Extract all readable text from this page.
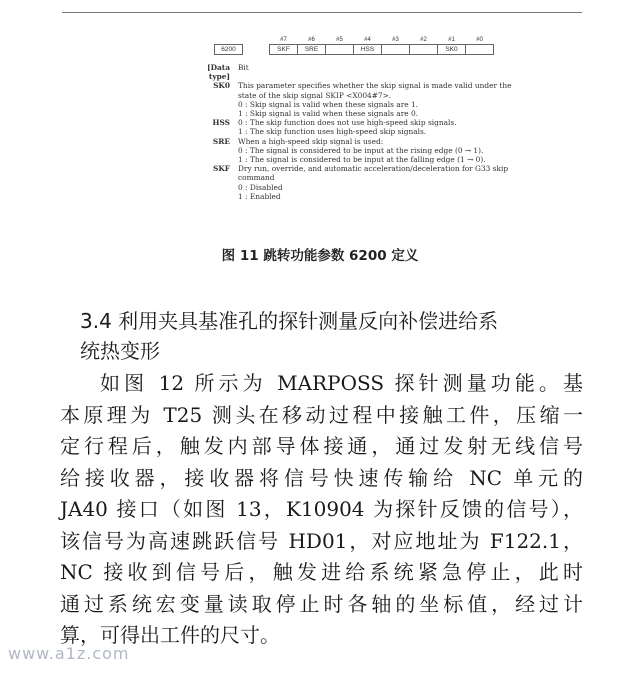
		#7	#6	#5	#4	#3	#2	#1	#0
6200		SKF	SRE		HSS			SK0	
[Data type]
Bit
SK0	This parameter specifies whether the skip signal is made valid under the
state of the skip signal SKIP <X004#7>.
0 : Skip signal is valid when these signals are 1.
1 : Skip signal is valid when these signals are 0.
HSS	0 : The skip function does not use high-speed skip signals.
1 : The skip function uses high-speed skip signals.
SRE	When a high-speed skip signal is used:
0 : The signal is considered to be input at the rising edge (0 → 1).
1 : The signal is considered to be input at the falling edge (1 → 0).
SKF	Dry run, override, and automatic acceleration/deceleration for G33 skip
command
0 : Disabled
1 : Enabled
图 11 跳转功能参数 6200 定义
3.4 利用夹具基准孔的探针测量反向补偿进给系
统热变形
如图 12 所示为 MARPOSS 探针测量功能。基
本原理为 T25 测头在移动过程中接触工件，压缩一
定行程后，触发内部导体接通，通过发射无线信号
给接收器，接收器将信号快速传输给 NC 单元的
JA40 接口（如图 13，K10904 为探针反馈的信号），
该信号为高速跳跃信号 HD01，对应地址为 F122.1，
NC 接收到信号后，触发进给系统紧急停止，此时
通过系统宏变量读取停止时各轴的坐标值，经过计
算，可得出工件的尺寸。
www.a1z.com
